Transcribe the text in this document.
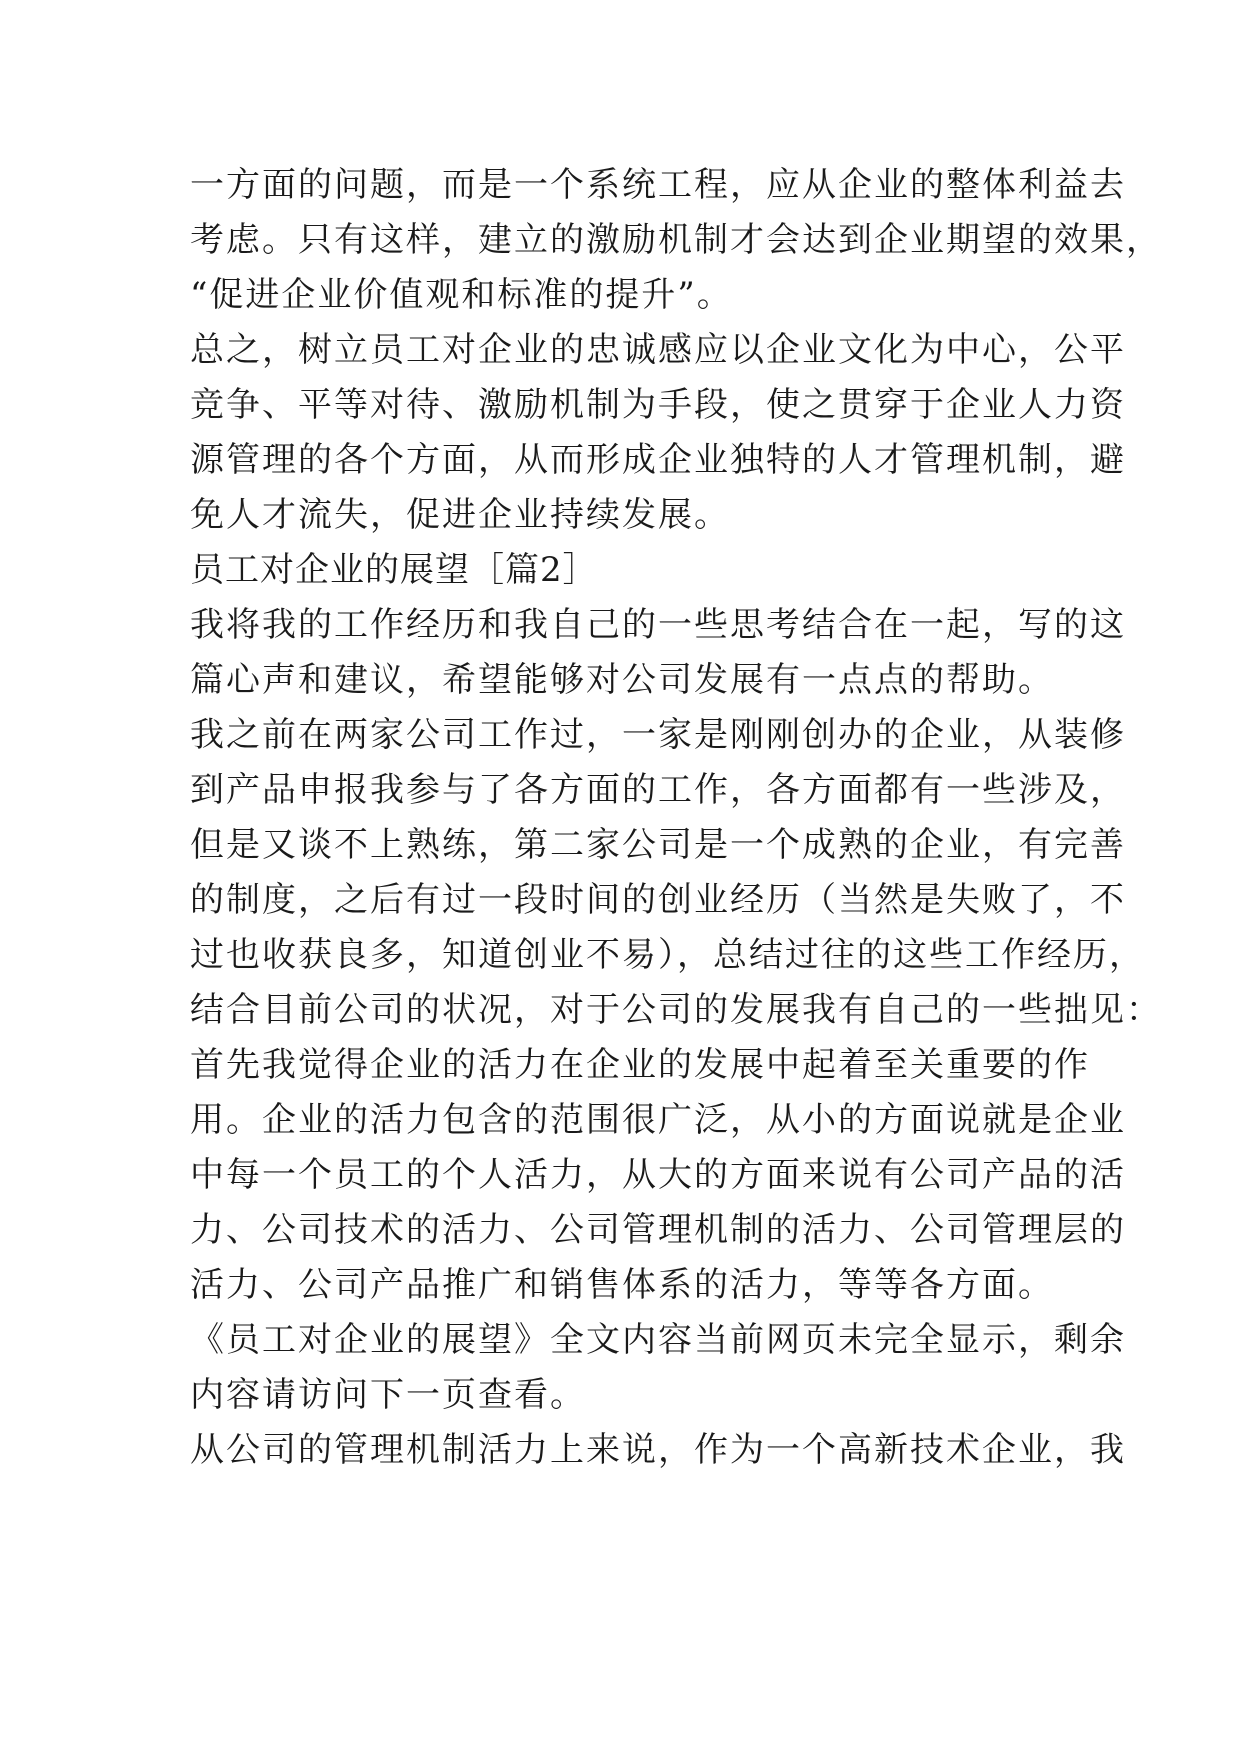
一方面的问题，而是一个系统工程，应从企业的整体利益去
考虑。只有这样，建立的激励机制才会达到企业期望的效果，
“促进企业价值观和标准的提升”。
总之，树立员工对企业的忠诚感应以企业文化为中心，公平
竞争、平等对待、激励机制为手段，使之贯穿于企业人力资
源管理的各个方面，从而形成企业独特的人才管理机制，避
免人才流失，促进企业持续发展。
员工对企业的展望［篇2］
我将我的工作经历和我自己的一些思考结合在一起，写的这
篇心声和建议，希望能够对公司发展有一点点的帮助。
我之前在两家公司工作过，一家是刚刚创办的企业，从装修
到产品申报我参与了各方面的工作，各方面都有一些涉及，
但是又谈不上熟练，第二家公司是一个成熟的企业，有完善
的制度，之后有过一段时间的创业经历（当然是失败了，不
过也收获良多，知道创业不易），总结过往的这些工作经历，
结合目前公司的状况，对于公司的发展我有自己的一些拙见：
首先我觉得企业的活力在企业的发展中起着至关重要的作
用。企业的活力包含的范围很广泛，从小的方面说就是企业
中每一个员工的个人活力，从大的方面来说有公司产品的活
力、公司技术的活力、公司管理机制的活力、公司管理层的
活力、公司产品推广和销售体系的活力，等等各方面。
《员工对企业的展望》全文内容当前网页未完全显示，剩余
内容请访问下一页查看。
从公司的管理机制活力上来说，作为一个高新技术企业，我
